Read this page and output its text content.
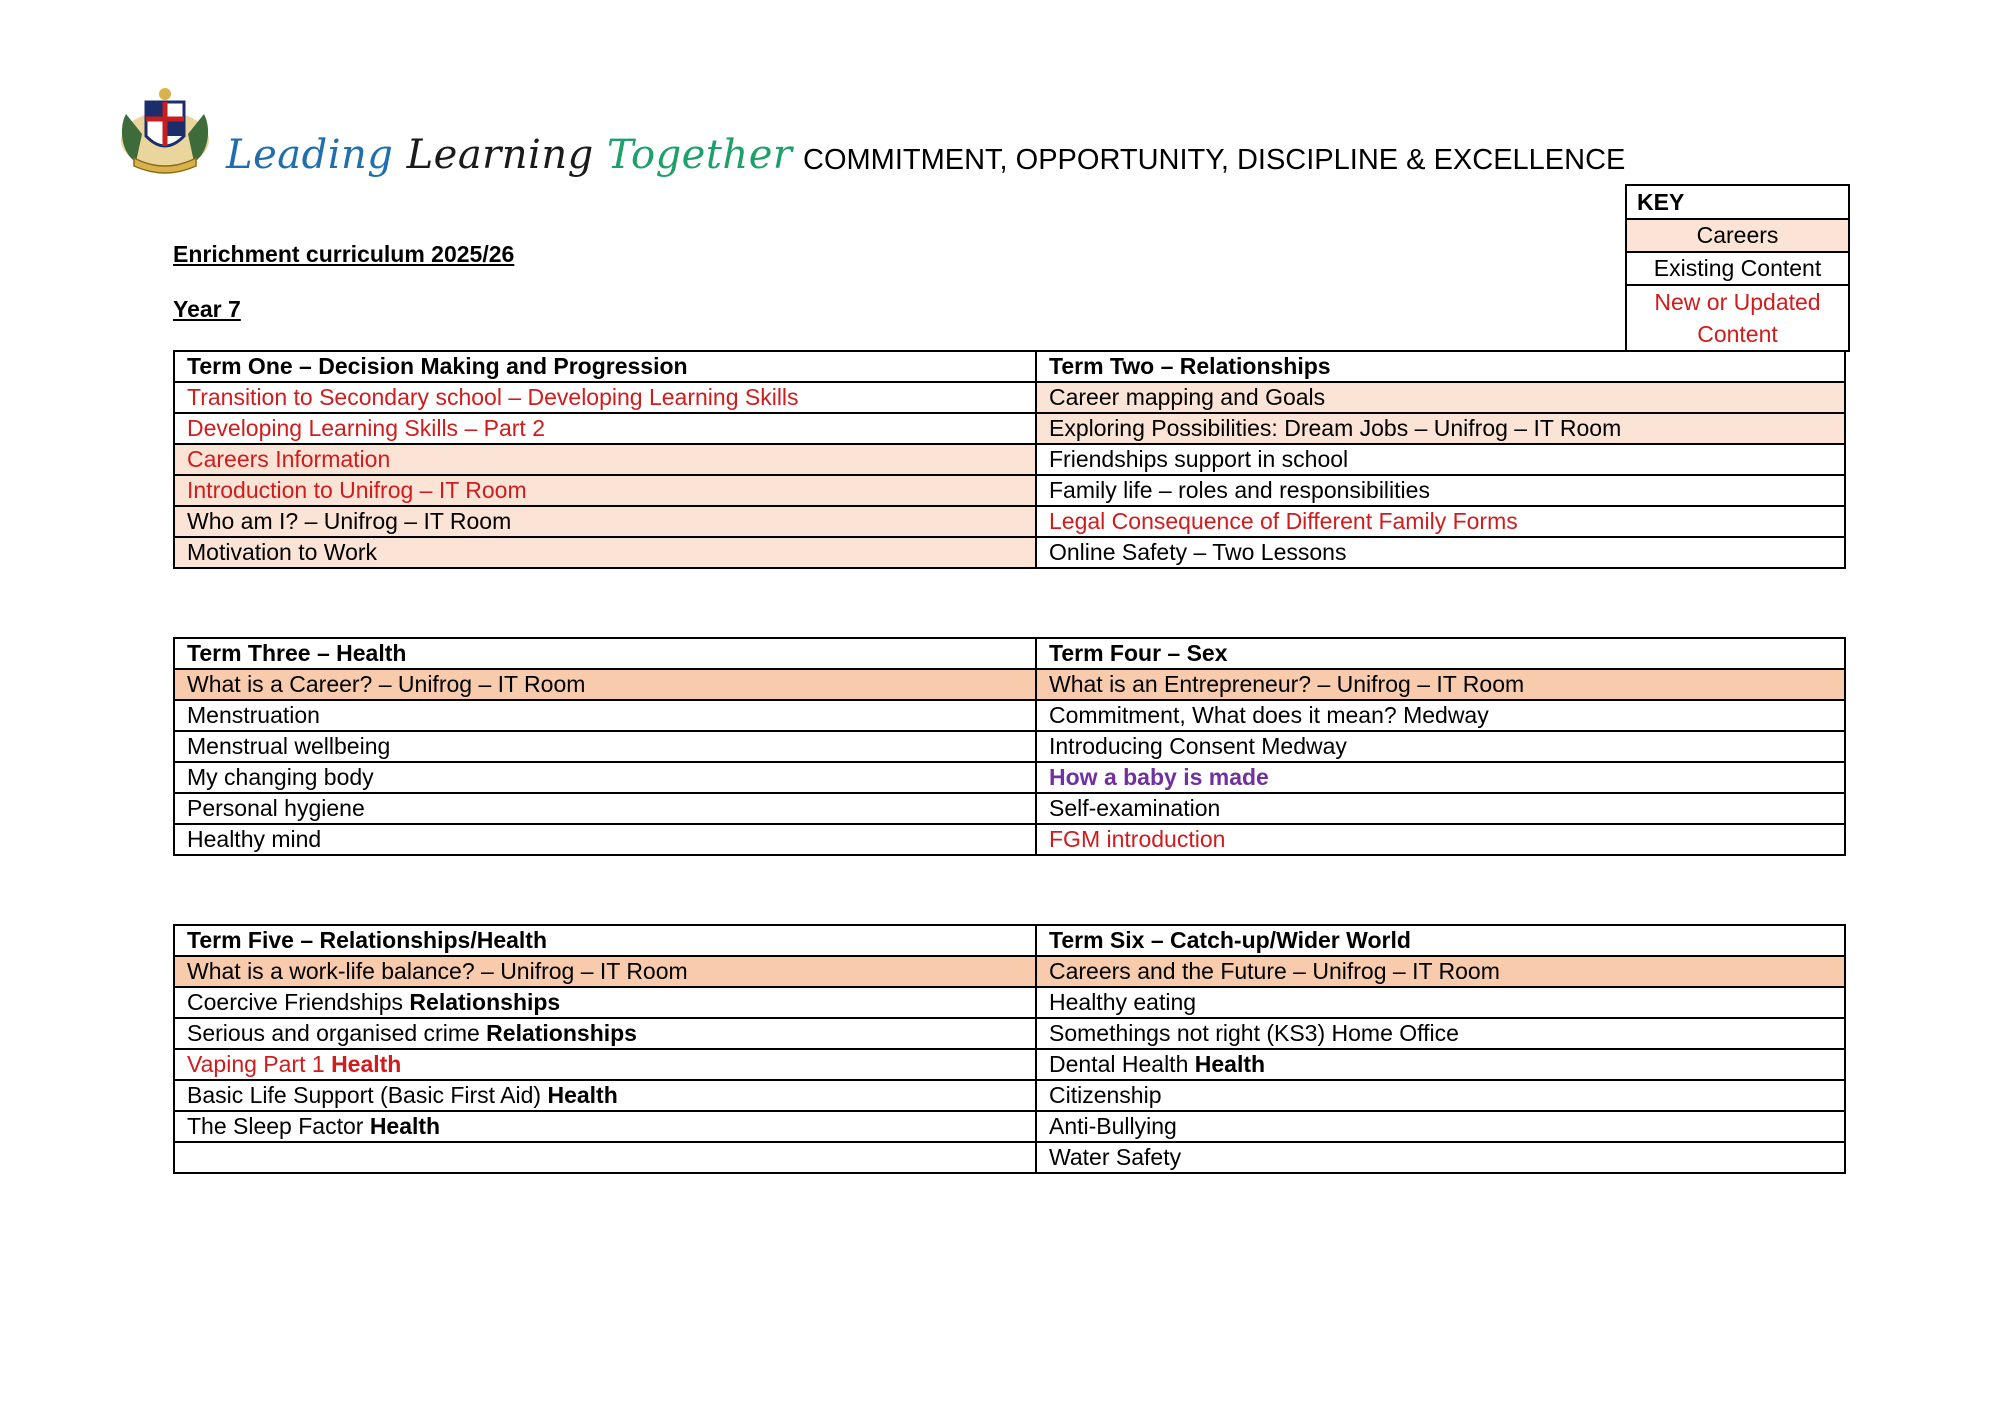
Leading Learning Together COMMITMENT, OPPORTUNITY, DISCIPLINE & EXCELLENCE
Enrichment curriculum 2025/26
Year 7
KEY
Careers
Existing Content
New or Updated Content
Term One – Decision Making and Progression	Term Two – Relationships
Transition to Secondary school – Developing Learning Skills	Career mapping and Goals
Developing Learning Skills – Part 2	Exploring Possibilities: Dream Jobs – Unifrog – IT Room
Careers Information	Friendships support in school
Introduction to Unifrog – IT Room	Family life – roles and responsibilities
Who am I? – Unifrog – IT Room	Legal Consequence of Different Family Forms
Motivation to Work	Online Safety – Two Lessons
Term Three – Health	Term Four – Sex
What is a Career? – Unifrog – IT Room	What is an Entrepreneur? – Unifrog – IT Room
Menstruation	Commitment, What does it mean? Medway
Menstrual wellbeing	Introducing Consent Medway
My changing body	How a baby is made
Personal hygiene	Self-examination
Healthy mind	FGM introduction
Term Five – Relationships/Health	Term Six – Catch-up/Wider World
What is a work-life balance? – Unifrog – IT Room	Careers and the Future – Unifrog – IT Room
Coercive Friendships Relationships	Healthy eating
Serious and organised crime Relationships	Somethings not right (KS3) Home Office
Vaping Part 1 Health	Dental Health Health
Basic Life Support (Basic First Aid) Health	Citizenship
The Sleep Factor Health	Anti-Bullying
	Water Safety
